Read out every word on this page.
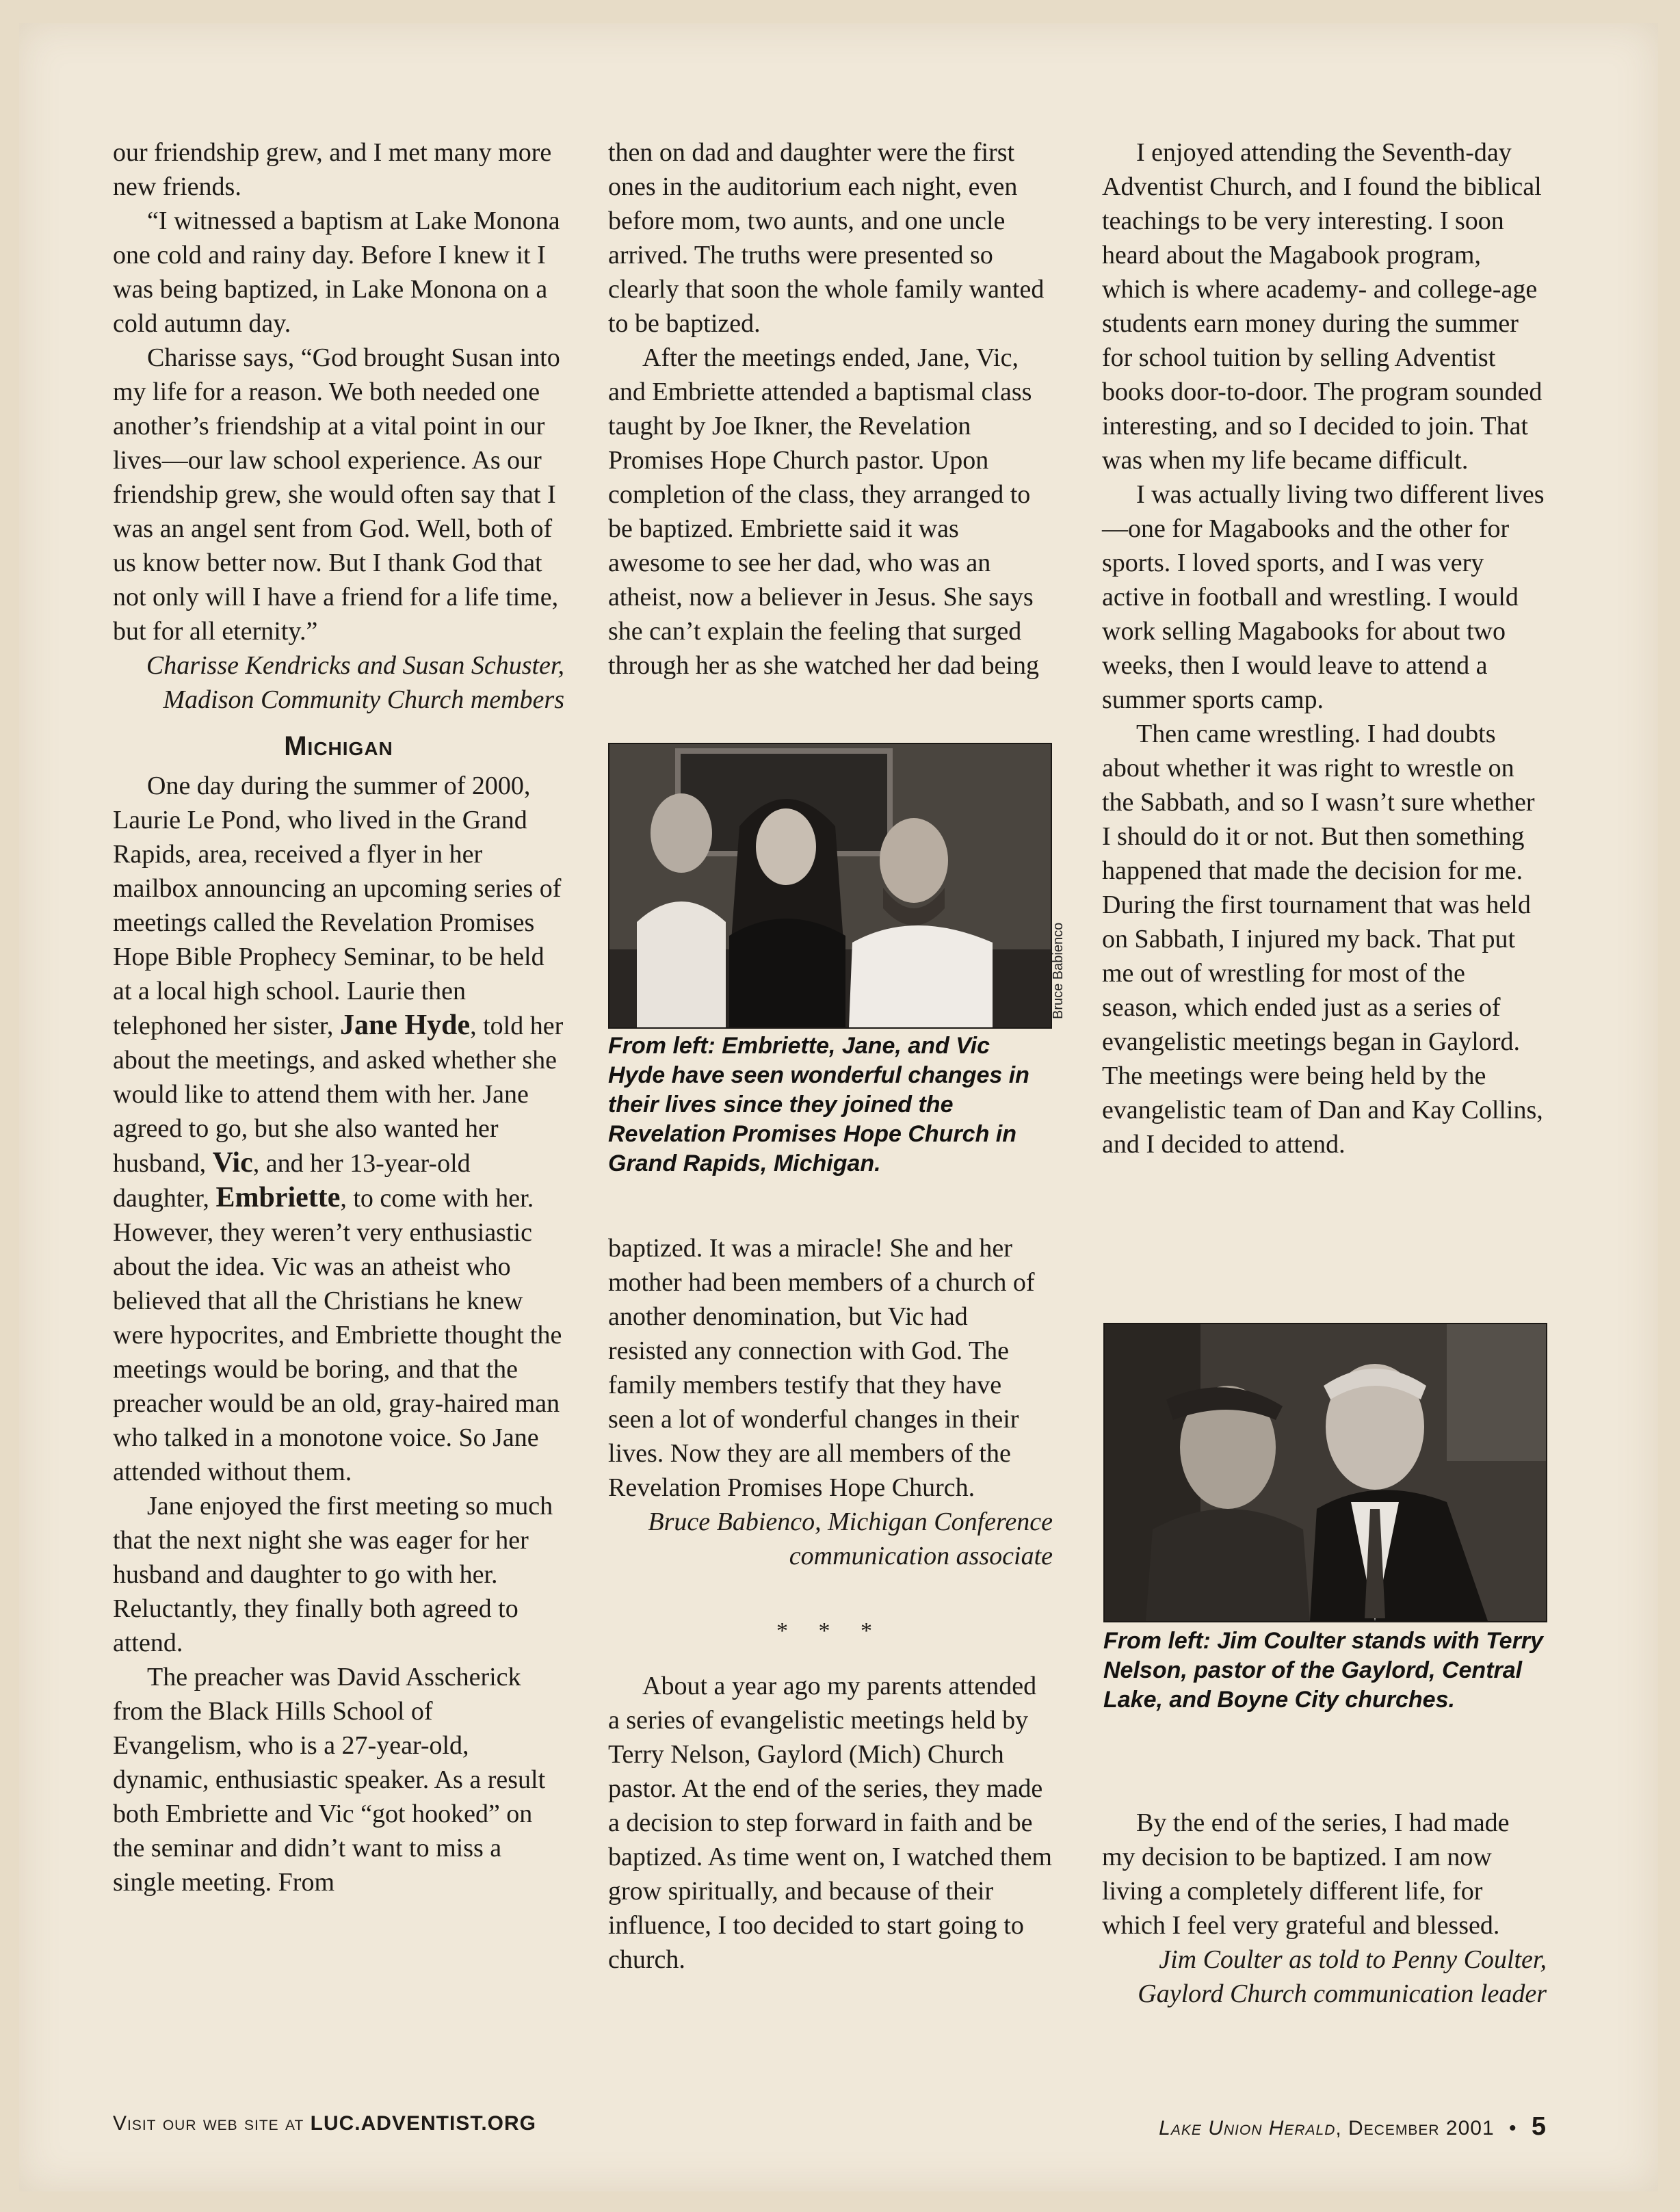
our friendship grew, and I met many more new friends.

“I witnessed a baptism at Lake Monona one cold and rainy day. Before I knew it I was being baptized, in Lake Monona on a cold autumn day.

Charisse says, “God brought Susan into my life for a reason. We both needed one another’s friendship at a vital point in our lives—our law school experience. As our friendship grew, she would often say that I was an angel sent from God. Well, both of us know better now. But I thank God that not only will I have a friend for a life time, but for all eternity.”

Charisse Kendricks and Susan Schuster, Madison Community Church members

Michigan

One day during the summer of 2000, Laurie Le Pond, who lived in the Grand Rapids, area, received a flyer in her mailbox announcing an upcoming series of meetings called the Revelation Promises Hope Bible Prophecy Seminar, to be held at a local high school. Laurie then telephoned her sister, Jane Hyde, told her about the meetings, and asked whether she would like to attend them with her. Jane agreed to go, but she also wanted her husband, Vic, and her 13-year-old daughter, Embriette, to come with her. However, they weren’t very enthusiastic about the idea. Vic was an atheist who believed that all the Christians he knew were hypocrites, and Embriette thought the meetings would be boring, and that the preacher would be an old, gray-haired man who talked in a monotone voice. So Jane attended without them.

Jane enjoyed the first meeting so much that the next night she was eager for her husband and daughter to go with her. Reluctantly, they finally both agreed to attend.

The preacher was David Asscherick from the Black Hills School of Evangelism, who is a 27-year-old, dynamic, enthusiastic speaker. As a result both Embriette and Vic “got hooked” on the seminar and didn’t want to miss a single meeting. From

then on dad and daughter were the first ones in the auditorium each night, even before mom, two aunts, and one uncle arrived. The truths were presented so clearly that soon the whole family wanted to be baptized.

After the meetings ended, Jane, Vic, and Embriette attended a baptismal class taught by Joe Ikner, the Revelation Promises Hope Church pastor. Upon completion of the class, they arranged to be baptized. Embriette said it was awesome to see her dad, who was an atheist, now a believer in Jesus. She says she can’t explain the feeling that surged through her as she watched her dad being

Bruce Babienco
From left: Embriette, Jane, and Vic Hyde have seen wonderful changes in their lives since they joined the Revelation Promises Hope Church in Grand Rapids, Michigan.

baptized. It was a miracle! She and her mother had been members of a church of another denomination, but Vic had resisted any connection with God. The family members testify that they have seen a lot of wonderful changes in their lives. Now they are all members of the Revelation Promises Hope Church.

Bruce Babienco, Michigan Conference communication associate

* * *

About a year ago my parents attended a series of evangelistic meetings held by Terry Nelson, Gaylord (Mich) Church pastor. At the end of the series, they made a decision to step forward in faith and be baptized. As time went on, I watched them grow spiritually, and because of their influence, I too decided to start going to church.

I enjoyed attending the Seventh-day Adventist Church, and I found the biblical teachings to be very interesting. I soon heard about the Magabook program, which is where academy- and college-age students earn money during the summer for school tuition by selling Adventist books door-to-door. The program sounded interesting, and so I decided to join. That was when my life became difficult.

I was actually living two different lives—one for Magabooks and the other for sports. I loved sports, and I was very active in football and wrestling. I would work selling Magabooks for about two weeks, then I would leave to attend a summer sports camp.

Then came wrestling. I had doubts about whether it was right to wrestle on the Sabbath, and so I wasn’t sure whether I should do it or not. But then something happened that made the decision for me. During the first tournament that was held on Sabbath, I injured my back. That put me out of wrestling for most of the season, which ended just as a series of evangelistic meetings began in Gaylord. The meetings were being held by the evangelistic team of Dan and Kay Collins, and I decided to attend.

From left: Jim Coulter stands with Terry Nelson, pastor of the Gaylord, Central Lake, and Boyne City churches.

By the end of the series, I had made my decision to be baptized. I am now living a completely different life, for which I feel very grateful and blessed.

Jim Coulter as told to Penny Coulter, Gaylord Church communication leader

Visit our web site at LUC.ADVENTIST.ORG	Lake Union Herald, December 2001 • 5
